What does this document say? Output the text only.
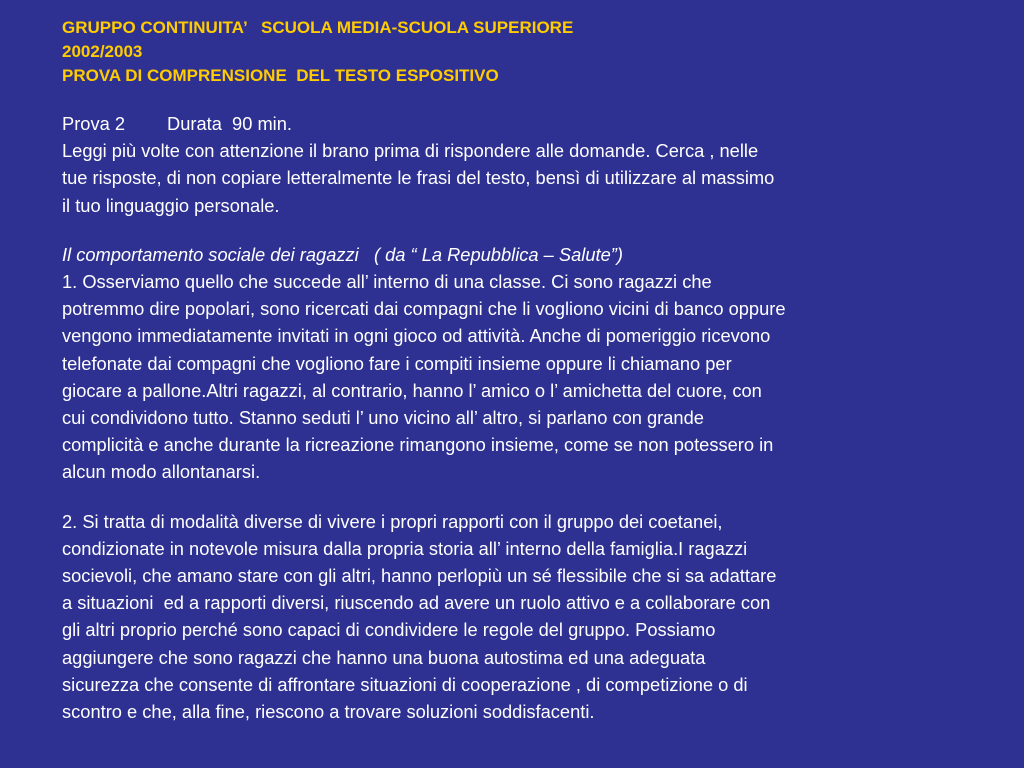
GRUPPO CONTINUITA’   SCUOLA MEDIA-SCUOLA SUPERIORE
2002/2003
PROVA DI COMPRENSIONE  DEL TESTO ESPOSITIVO
Prova 2 Durata  90 min.
Leggi più volte con attenzione il brano prima di rispondere alle domande. Cerca , nelle
tue risposte, di non copiare letteralmente le frasi del testo, bensì di utilizzare al massimo
il tuo linguaggio personale.
Il comportamento sociale dei ragazzi   ( da “ La Repubblica – Salute”)
1. Osserviamo quello che succede all’ interno di una classe. Ci sono ragazzi che
potremmo dire popolari, sono ricercati dai compagni che li vogliono vicini di banco oppure
vengono immediatamente invitati in ogni gioco od attività. Anche di pomeriggio ricevono
telefonate dai compagni che vogliono fare i compiti insieme oppure li chiamano per
giocare a pallone.Altri ragazzi, al contrario, hanno l’ amico o l’ amichetta del cuore, con
cui condividono tutto. Stanno seduti l’ uno vicino all’ altro, si parlano con grande
complicità e anche durante la ricreazione rimangono insieme, come se non potessero in
alcun modo allontanarsi.
2. Si tratta di modalità diverse di vivere i propri rapporti con il gruppo dei coetanei,
condizionate in notevole misura dalla propria storia all’ interno della famiglia.I ragazzi
socievoli, che amano stare con gli altri, hanno perlopiù un sé flessibile che si sa adattare
a situazioni  ed a rapporti diversi, riuscendo ad avere un ruolo attivo e a collaborare con
gli altri proprio perché sono capaci di condividere le regole del gruppo. Possiamo
aggiungere che sono ragazzi che hanno una buona autostima ed una adeguata
sicurezza che consente di affrontare situazioni di cooperazione , di competizione o di
scontro e che, alla fine, riescono a trovare soluzioni soddisfacenti.
